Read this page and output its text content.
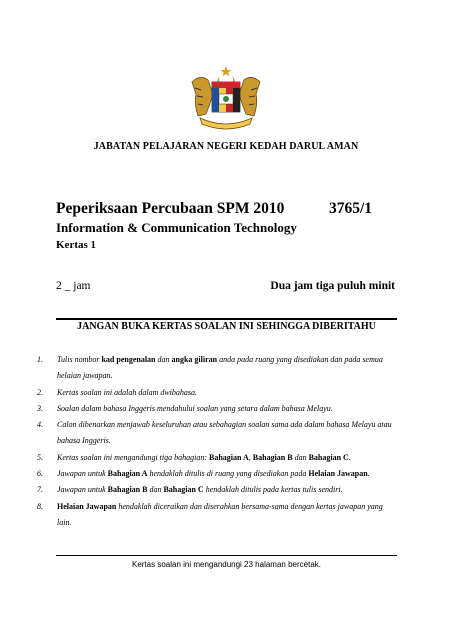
JABATAN PELAJARAN NEGERI KEDAH DARUL AMAN
Peperiksaan Percubaan SPM 2010	3765/1
Information & Communication Technology
Kertas 1
2 _ jam	Dua jam tiga puluh minit
JANGAN BUKA KERTAS SOALAN INI SEHINGGA DIBERITAHU
1. Tulis nombor kad pengenalan dan angka giliran anda pada ruang yang disediakan dan pada semua helaian jawapan.
2. Kertas soalan ini adalah dalam dwibahasa.
3. Soalan dalam bahasa Inggeris mendahului soalan yang setara dalam bahasa Melayu.
4. Calon dibenarkan menjawab keseluruhan atau sebahagian soalan sama ada dalam bahasa Melayu atau bahasa Inggeris.
5. Kertas soalan ini mengandungi tiga bahagian: Bahagian A, Bahagian B dan Bahagian C.
6. Jawapan untuk Bahagian A hendaklah ditulis di ruang yang disediakan pada Helaian Jawapan.
7. Jawapan untuk Bahagian B dan Bahagian C hendaklah ditulis pada kertas tulis sendiri.
8. Helaian Jawapan hendaklah diceraikan dan diserahkan bersama-sama dengan kertas jawapan yang lain.
Kertas soalan ini mengandungi 23 halaman bercetak.
